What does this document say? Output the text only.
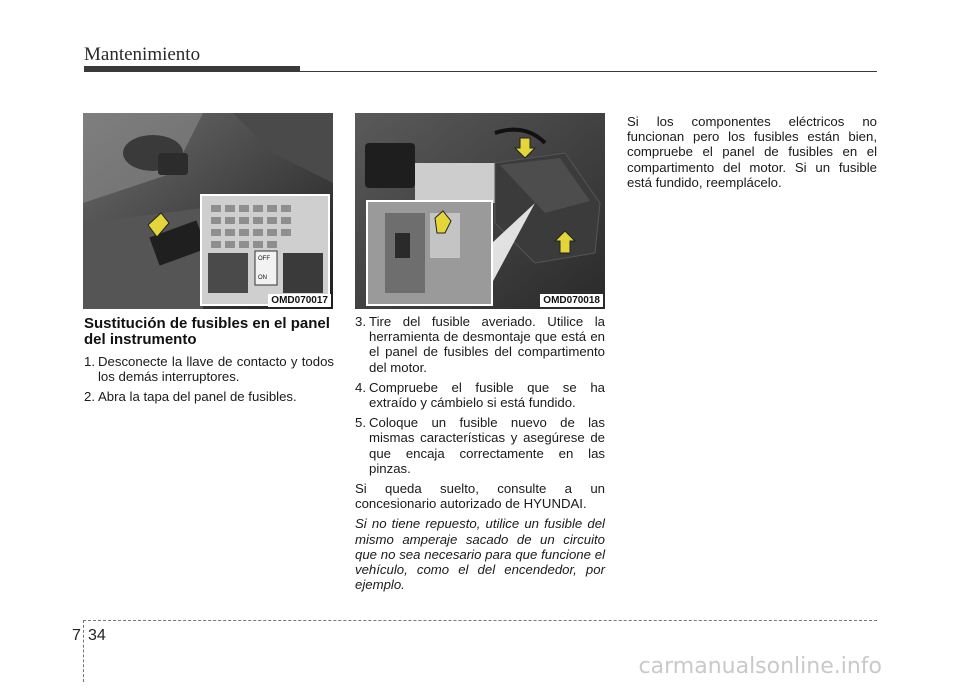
Mantenimiento
OFF
ON
OMD070017	OMD070018
Sustitución de fusibles en el panel del instrumento
1. Desconecte la llave de contacto y todos los demás interruptores.
2. Abra la tapa del panel de fusibles.
3. Tire del fusible averiado. Utilice la herramienta de desmontaje que está en el panel de fusibles del compartimento del motor.
4. Compruebe el fusible que se ha extraído y cámbielo si está fundido.
5. Coloque un fusible nuevo de las mismas características y asegúrese de que encaja correctamente en las pinzas.

Si queda suelto, consulte a un concesionario autorizado de HYUNDAI.

Si no tiene repuesto, utilice un fusible del mismo amperaje sacado de un circuito que no sea necesario para que funcione el vehículo, como el del encendedor, por ejemplo.

Si los componentes eléctricos no funcionan pero los fusibles están bien, compruebe el panel de fusibles en el compartimento del motor. Si un fusible está fundido, reemplácelo.

7 34
carmanualsonline.info
